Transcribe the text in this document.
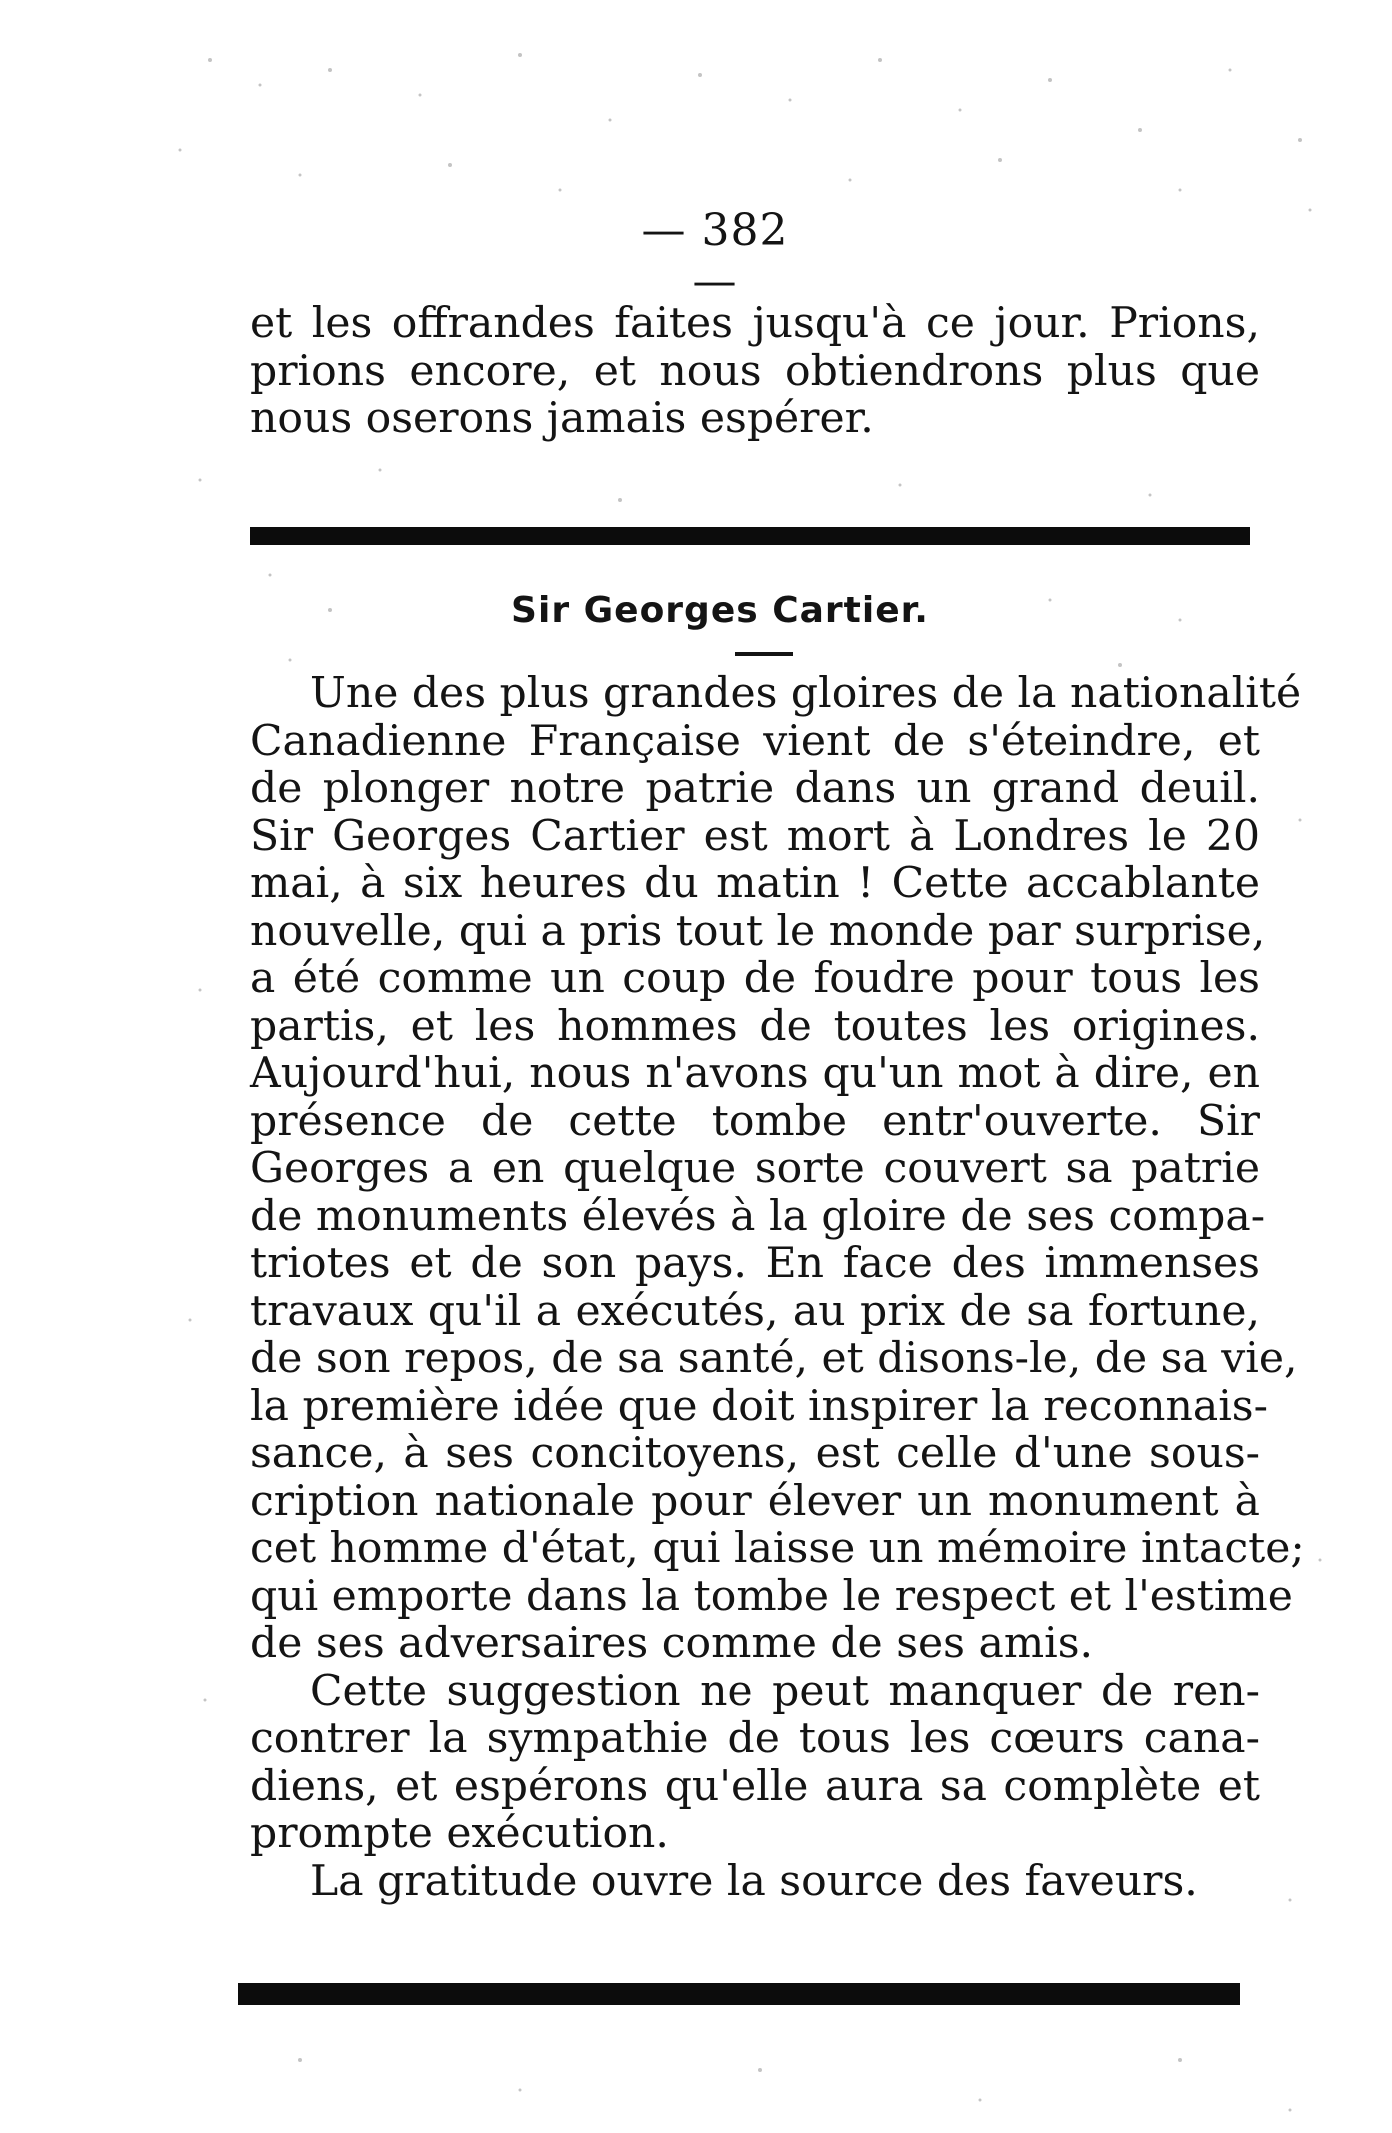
— 382 —

et les offrandes faites jusqu'à ce jour. Prions,
prions encore, et nous obtiendrons plus que
nous oserons jamais espérer.

Sir Georges Cartier.

Une des plus grandes gloires de la nationalité
Canadienne Française vient de s'éteindre, et
de plonger notre patrie dans un grand deuil.
Sir Georges Cartier est mort à Londres le 20
mai, à six heures du matin ! Cette accablante
nouvelle, qui a pris tout le monde par surprise,
a été comme un coup de foudre pour tous les
partis, et les hommes de toutes les origines.
Aujourd'hui, nous n'avons qu'un mot à dire, en
présence de cette tombe entr'ouverte. Sir
Georges a en quelque sorte couvert sa patrie
de monuments élevés à la gloire de ses compa-
triotes et de son pays. En face des immenses
travaux qu'il a exécutés, au prix de sa fortune,
de son repos, de sa santé, et disons-le, de sa vie,
la première idée que doit inspirer la reconnais-
sance, à ses concitoyens, est celle d'une sous-
cription nationale pour élever un monument à
cet homme d'état, qui laisse un mémoire intacte;
qui emporte dans la tombe le respect et l'estime
de ses adversaires comme de ses amis.

Cette suggestion ne peut manquer de ren-
contrer la sympathie de tous les cœurs cana-
diens, et espérons qu'elle aura sa complète et
prompte exécution.

La gratitude ouvre la source des faveurs.
